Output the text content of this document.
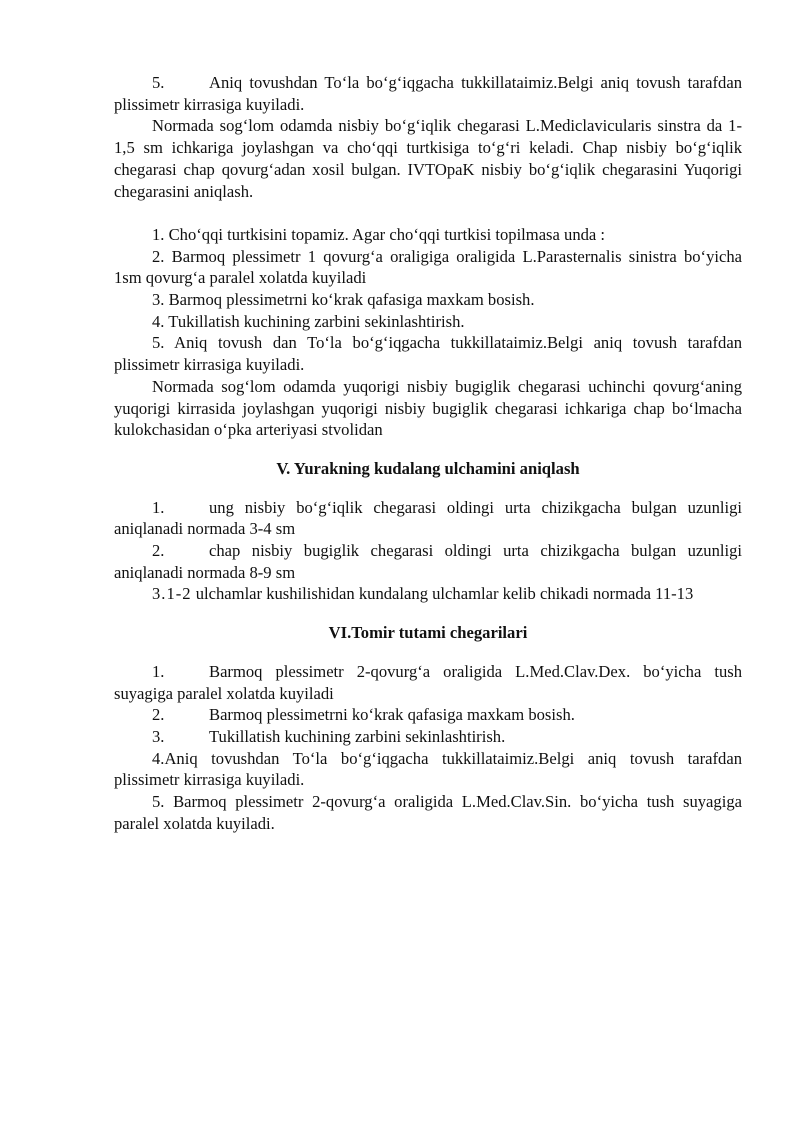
5.	Aniq tovushdan To‘la bo‘g‘iqgacha tukkillataimiz.Belgi aniq tovush tarafdan plissimetr kirrasiga kuyiladi.

Normada sog‘lom odamda nisbiy bo‘g‘iqlik chegarasi L.Mediclavicularis sinstra da 1-1,5 sm ichkariga joylashgan va cho‘qqi turtkisiga to‘g‘ri keladi. Chap nisbiy bo‘g‘iqlik chegarasi chap qovurg‘adan xosil bulgan. IVTOpaK nisbiy bo‘g‘iqlik chegarasini Yuqorigi chegarasini aniqlash.

1. Cho‘qqi turtkisini topamiz. Agar cho‘qqi turtkisi topilmasa unda :

2. Barmoq plessimetr 1 qovurg‘a oraligiga oraligida L.Parasternalis sinistra bo‘yicha 1sm qovurg‘a paralel xolatda kuyiladi

3. Barmoq plessimetrni ko‘krak qafasiga maxkam bosish.

4. Tukillatish kuchining zarbini sekinlashtirish.

5. Aniq tovush dan To‘la bo‘g‘iqgacha tukkillataimiz.Belgi aniq tovush tarafdan plissimetr kirrasiga kuyiladi.

Normada sog‘lom odamda yuqorigi nisbiy bugiglik chegarasi uchinchi qovurg‘aning yuqorigi kirrasida joylashgan yuqorigi nisbiy bugiglik chegarasi ichkariga chap bo‘lmacha kulokchasidan o‘pka arteriyasi stvolidan

V. Yurakning kudalang ulchamini aniqlash

1.	ung nisbiy bo‘g‘iqlik chegarasi oldingi urta chizikgacha bulgan uzunligi aniqlanadi normada 3-4 sm

2.	chap nisbiy bugiglik chegarasi oldingi urta chizikgacha bulgan uzunligi aniqlanadi normada 8-9 sm

3.1-2 ulchamlar kushilishidan kundalang ulchamlar kelib chikadi normada 11-13

VI.Tomir tutami chegarilari

1.	Barmoq plessimetr 2-qovurg‘a oraligida L.Med.Clav.Dex. bo‘yicha tush suyagiga paralel xolatda kuyiladi

2.	Barmoq plessimetrni ko‘krak qafasiga maxkam bosish.

3.	Tukillatish kuchining zarbini sekinlashtirish.

4.Aniq tovushdan To‘la bo‘g‘iqgacha tukkillataimiz.Belgi aniq tovush tarafdan plissimetr kirrasiga kuyiladi.

5. Barmoq plessimetr 2-qovurg‘a oraligida L.Med.Clav.Sin. bo‘yicha tush suyagiga paralel xolatda kuyiladi.
